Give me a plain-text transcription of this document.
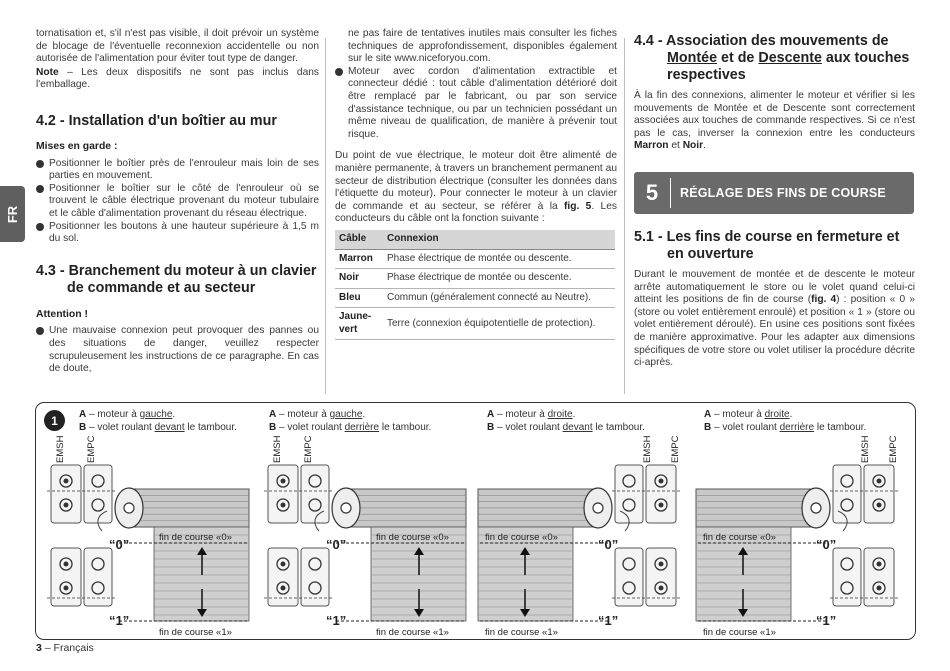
FR

tornatisation et, s'il n'est pas visible, il doit prévoir un système de blocage de l'éventuelle reconnexion accidentelle ou non autorisée de l'alimentation pour éviter tout type de danger.

Note – Les deux dispositifs ne sont pas inclus dans l'emballage.

4.2 - Installation d'un boîtier au mur
Mises en garde :

Positionner le boîtier près de l'enrouleur mais loin de ses parties en mouvement.

Positionner le boîtier sur le côté de l'enrouleur où se trouvent le câble électrique provenant du moteur tubulaire et le câble d'alimentation provenant du réseau électrique.

Positionner les boutons à une hauteur supérieure à 1,5 m du sol.

4.3 - Branchement du moteur à un clavier de commande et au secteur
Attention !

Une mauvaise connexion peut provoquer des pannes ou des situations de danger, veuillez respecter scrupuleusement les instructions de ce paragraphe. En cas de doute,

ne pas faire de tentatives inutiles mais consulter les fiches techniques de approfondissement, disponibles également sur le site www.niceforyou.com.

Moteur avec cordon d'alimentation extractible et connecteur dédié : tout câble d'alimentation détérioré doit être remplacé par le fabricant, ou par son service d'assistance technique, ou par un technicien possédant un même niveau de qualification, de manière à prévenir tout risque.

Du point de vue électrique, le moteur doit être alimenté de manière permanente, à travers un branchement permanent au secteur de distribution électrique (consulter les données dans l'étiquette du moteur). Pour connecter le moteur à un clavier de commande et au secteur, se référer à la fig. 5. Les conducteurs du câble ont la fonction suivante :

Câble	Connexion
Marron	Phase électrique de montée ou descente.
Noir	Phase électrique de montée ou descente.
Bleu	Commun (généralement connecté au Neutre).
Jaune-vert	Terre (connexion équipotentielle de protection).
4.4 - Association des mouvements de Montée et de Descente aux touches respectives

À la fin des connexions, alimenter le moteur et vérifier si les mouvements de Montée et de Descente sont correctement associées aux touches de commande respectives. Si ce n'est pas le cas, inverser la connexion entre les conducteurs Marron et Noir.

5	RÉGLAGE DES FINS DE COURSE
5.1 - Les fins de course en fermeture et en ouverture

Durant le mouvement de montée et de descente le moteur arrête automatiquement le store ou le volet quand celui-ci atteint les positions de fin de course (fig. 4) : position « 0 » (store ou volet entièrement enroulé) et position « 1 » (store ou volet entièrement déroulé). En usine ces positions sont fixées de manière approximative. Pour les adapter aux dimensions spécifiques de votre store ou volet utiliser la procédure décrite ci-après.

1	A – moteur à gauche.
B – volet roulant devant le tambour.
EMSH EMPC
“0”
“1”
fin de course «0»
fin de course «1»
A – moteur à gauche.
B – volet roulant derrière le tambour.
EMSH EMPC
“0”
“1”
fin de course «0»
fin de course «1»
A – moteur à droite.
B – volet roulant devant le tambour.
EMPC
EMSH
“0”
“1”
fin de course «0»
fin de course «1»
A – moteur à droite.
B – volet roulant derrière le tambour.
EMPC
EMSH
“0”
“1”
fin de course «0»
fin de course «1»
3 – Français
